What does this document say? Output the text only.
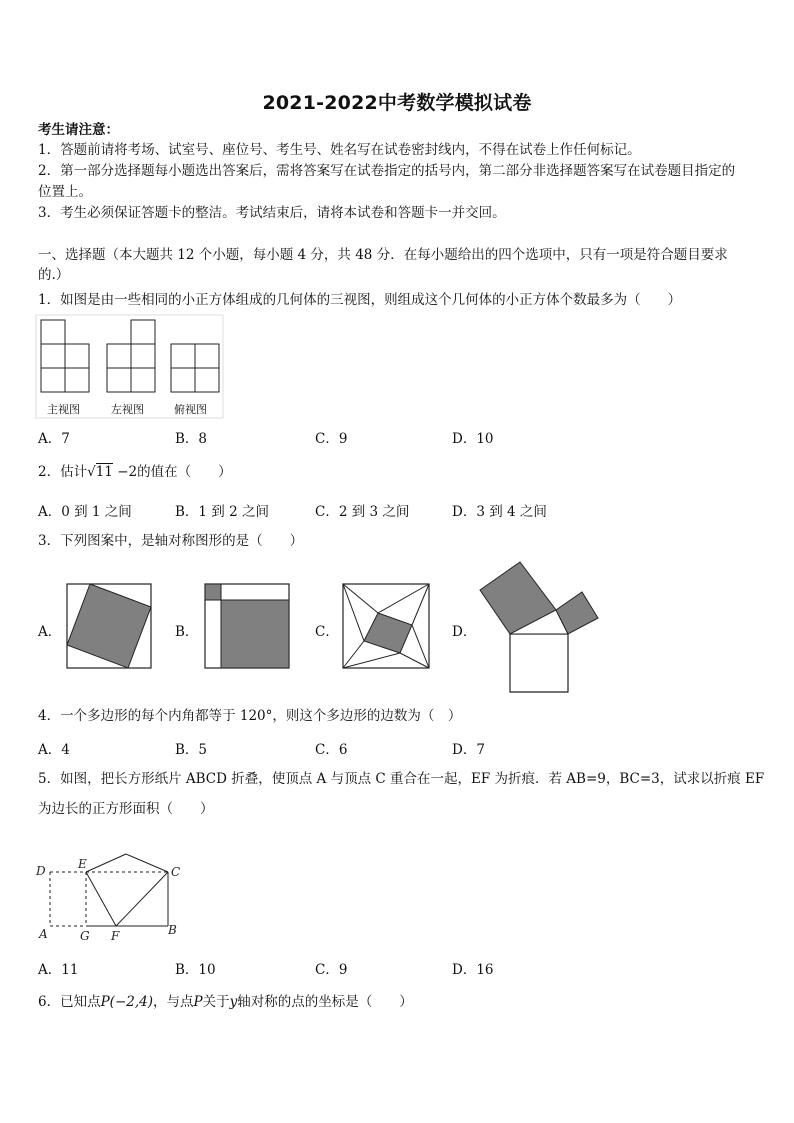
2021-2022中考数学模拟试卷
考生请注意：
1．答题前请将考场、试室号、座位号、考生号、姓名写在试卷密封线内，不得在试卷上作任何标记。
2．第一部分选择题每小题选出答案后，需将答案写在试卷指定的括号内，第二部分非选择题答案写在试卷题目指定的
位置上。
3．考生必须保证答题卡的整洁。考试结束后，请将本试卷和答题卡一并交回。
一、选择题（本大题共 12 个小题，每小题 4 分，共 48 分．在每小题给出的四个选项中，只有一项是符合题目要求
的.）
1．如图是由一些相同的小正方体组成的几何体的三视图，则组成这个几何体的小正方体个数最多为（　　）
主视图	左视图	俯视图
A．7	B．8	C．9	D．10
2．估计√11 −2的值在（　　）
A．0 到 1 之间	B．1 到 2 之间	C．2 到 3 之间	D．3 到 4 之间
3．下列图案中，是轴对称图形的是（　　）
A．	B．	C．	D．
4．一个多边形的每个内角都等于 120°，则这个多边形的边数为（　）
A．4	B．5	C．6	D．7
5．如图，把长方形纸片 ABCD 折叠，使顶点 A 与顶点 C 重合在一起，EF 为折痕．若 AB=9，BC=3，试求以折痕 EF
为边长的正方形面积（　　）
D	E
C
A	G F	B
A．11	B．10	C．9	D．16
6．已知点P(−2,4)，与点P关于y轴对称的点的坐标是（　　）
